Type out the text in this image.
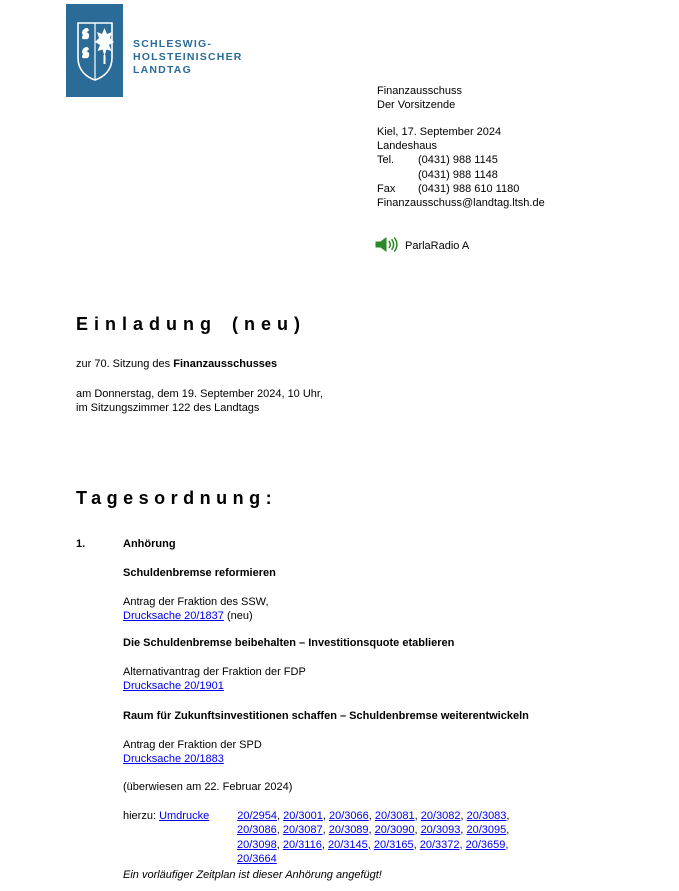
SCHLESWIG-
HOLSTEINISCHER
LANDTAG
Finanzausschuss
Der Vorsitzende
Kiel, 17. September 2024
Landeshaus
Tel.	(0431) 988 1145
(0431) 988 1148
Fax	(0431) 988 610 1180
Finanzausschuss@landtag.ltsh.de
ParlaRadio A
Einladung (neu)

zur 70. Sitzung des Finanzausschusses

am Donnerstag, dem 19. September 2024, 10 Uhr,
im Sitzungszimmer 122 des Landtags

Tagesordnung:
1.	Anhörung

Schuldenbremse reformieren

Antrag der Fraktion des SSW,
Drucksache 20/1837 (neu)

Die Schuldenbremse beibehalten – Investitionsquote etablieren

Alternativantrag der Fraktion der FDP
Drucksache 20/1901

Raum für Zukunftsinvestitionen schaffen – Schuldenbremse weiterentwickeln

Antrag der Fraktion der SPD
Drucksache 20/1883

(überwiesen am 22. Februar 2024)

hierzu: Umdrucke	20/2954, 20/3001, 20/3066, 20/3081, 20/3082, 20/3083,
20/3086, 20/3087, 20/3089, 20/3090, 20/3093, 20/3095,
20/3098, 20/3116, 20/3145, 20/3165, 20/3372, 20/3659,
20/3664

Ein vorläufiger Zeitplan ist dieser Anhörung angefügt!
